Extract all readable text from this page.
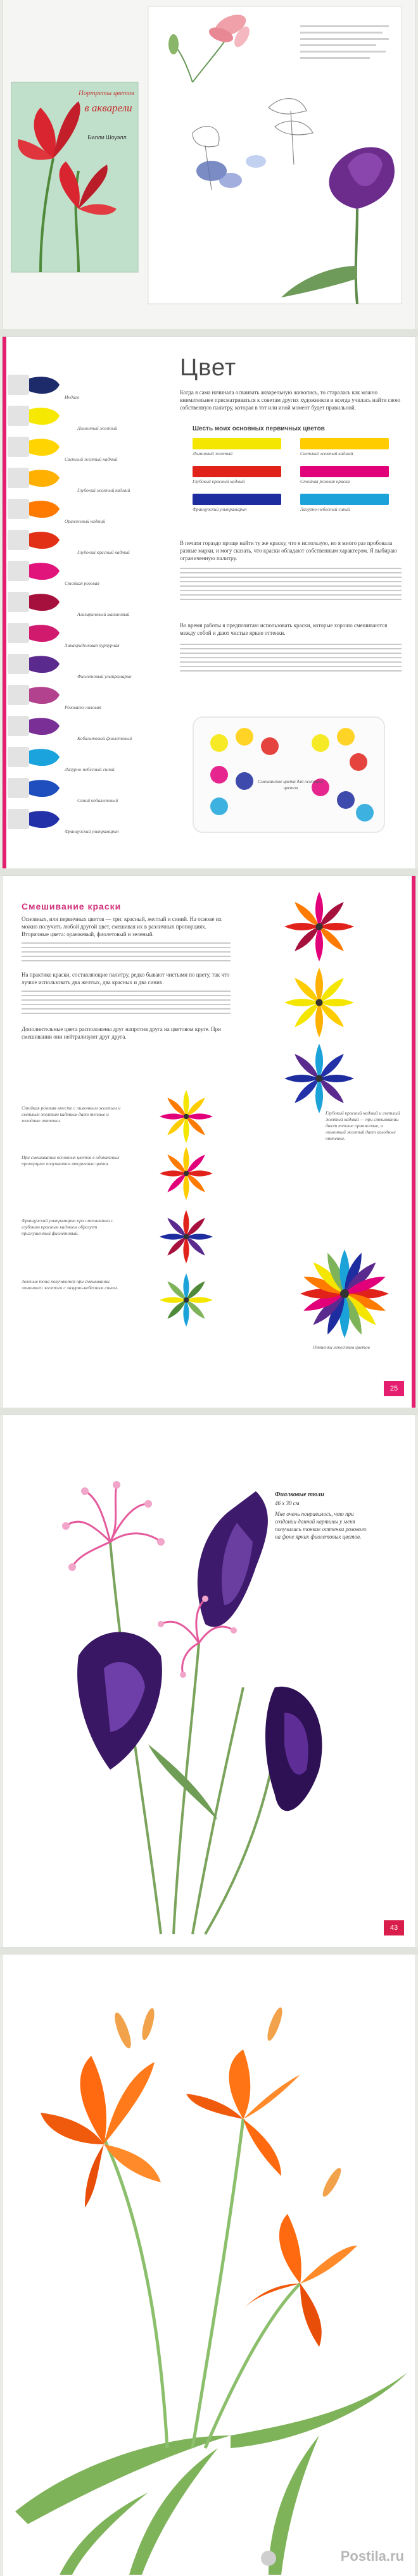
Портреты цветов
в акварели
Билли Шоуэлл
Индиго
Лимонный желтый
Светлый желтый кадмий
Глубокий желтый кадмий
Оранжевый кадмий
Глубокий красный кадмий
Стойкая розовая
Ализариновый малиновый
Хинакридоновая пурпурная
Фиолетовый ультрамарин
Розовато-лиловая
Кобальтовый фиолетовый
Лазурно-небесный синий
Синий кобальтовый
Французский ультрамарин
Цвет
Когда я сама начинала осваивать акварельную живопись, то старалась как можно внимательнее присматриваться к советам других художников и всегда училась найти свою собственную палитру, которая в тот или иной момент будет правильной.
Шесть моих основных первичных цветов
Лимонный желтый	Светлый желтый кадмий
Глубокий красный кадмий	Стойкая розовая краска
Французский ультрамарин	Лазурно-небесный синий
В печати гораздо проще найти ту же краску, что я использую, но я много раз пробовала разные марки, и могу сказать, что краски обладают собственным характером. Я выбираю ограниченную палитру.
Во время работы я предпочитаю использовать краски, которые хорошо смешиваются между собой и дают чистые яркие оттенки.
Смешанные цвета для основных цветов
Смешивание краски
Основных, или первичных цветов — три: красный, желтый и синий. На основе их можно получить любой другой цвет, смешивая их в различных пропорциях. Вторичные цвета: оранжевый, фиолетовый и зеленый.
На практике краски, составляющие палитру, редко бывают чистыми по цвету, так что лучше использовать два желтых, два красных и два синих.
Дополнительные цвета расположены друг напротив друга на цветовом круге. При смешивании они нейтрализуют друг друга.
Стойкая розовая вместе с лимонным желтым и светлым желтым кадмием дает теплые и холодные оттенки.
При смешивании основных цветов в одинаковых пропорциях получаются вторичные цвета.
Французский ультрамарин при смешивании с глубоким красным кадмием образует приглушенный фиолетовый.
Зеленые тона получаются при смешивании лимонного желтого с лазурно-небесным синим.
Глубокий красный кадмий и светлый желтый кадмий — при смешивании дают теплые оранжевые, а лимонный желтый дает холодные оттенки.
Оттенки лепестков цветов
25
Фиалковые тюли
46 х 30 см
Мне очень понравилось, что при создании данной картины у меня получились тонкие оттенки розового на фоне ярких фиолетовых цветов.
43
Postila.ru
